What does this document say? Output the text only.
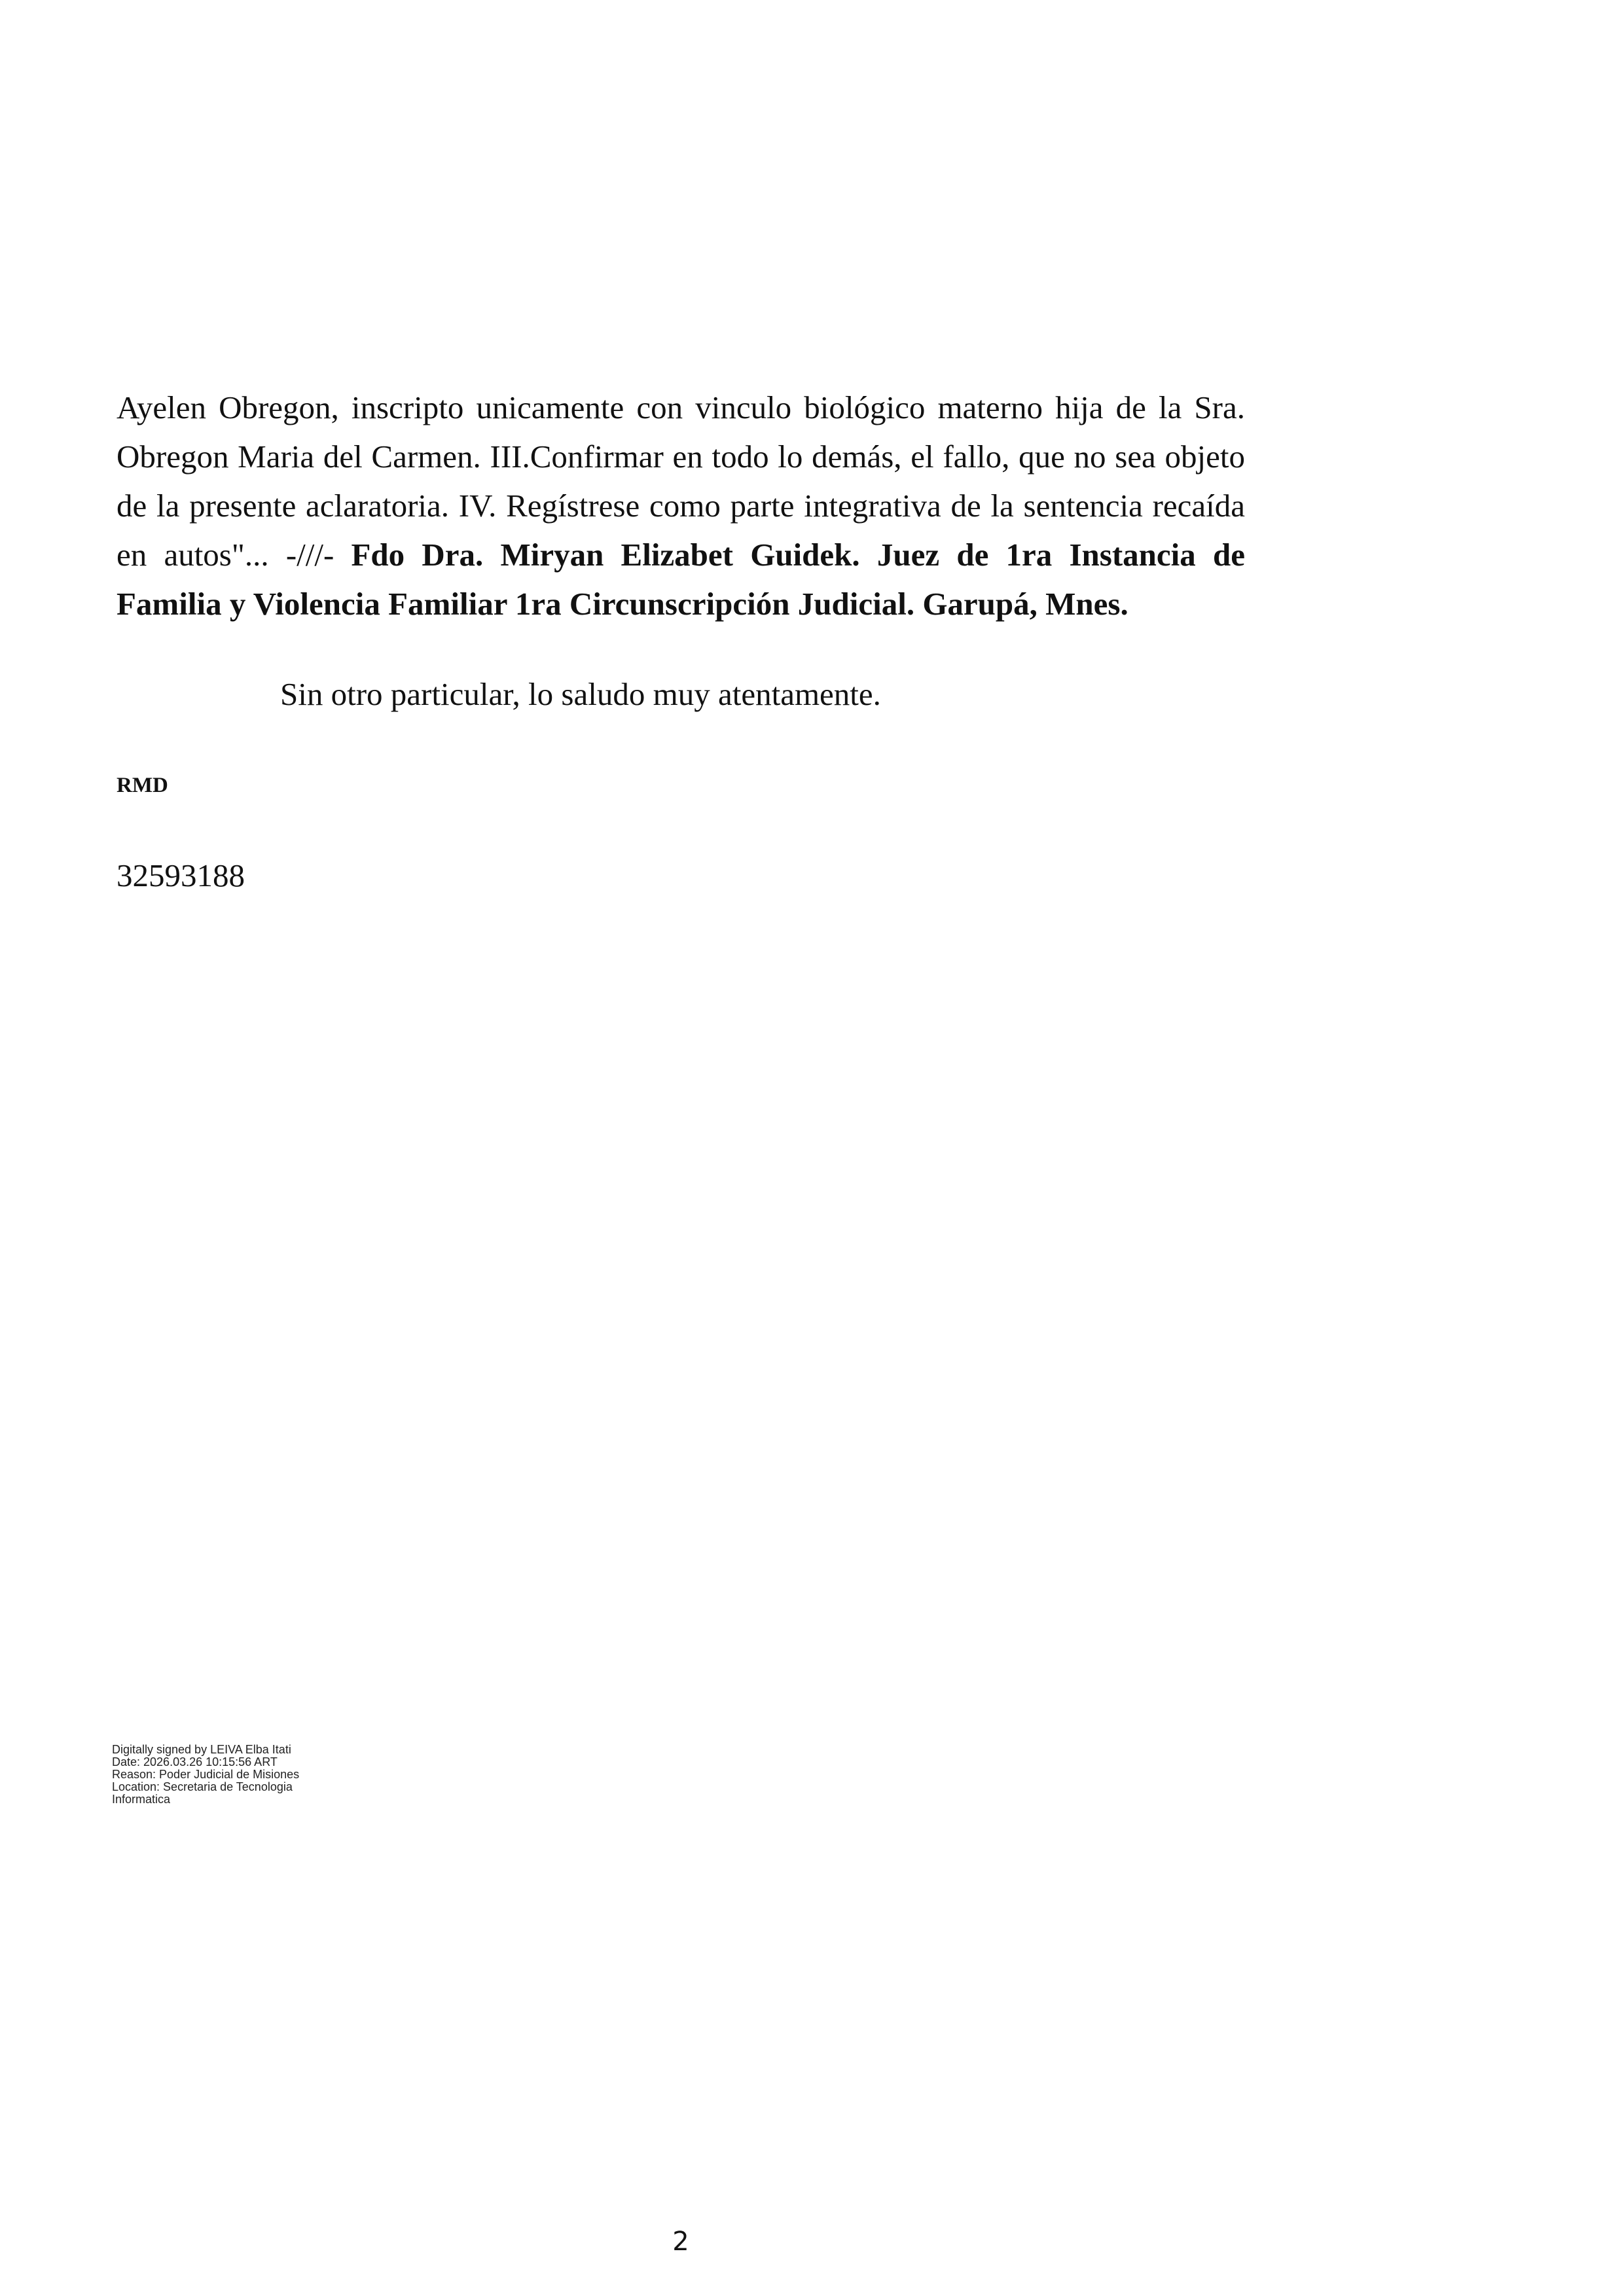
Ayelen Obregon, inscripto unicamente con vinculo biológico materno hija de la Sra. Obregon Maria del Carmen. III.Confirmar en todo lo demás, el fallo, que no sea objeto de la presente aclaratoria. IV. Regístrese como parte integrativa de la sentencia recaída en autos"... -///- Fdo Dra. Miryan Elizabet Guidek. Juez de 1ra Instancia de Familia y Violencia Familiar 1ra Circunscripción Judicial. Garupá, Mnes.

Sin otro particular, lo saludo muy atentamente.

RMD

32593188

Digitally signed by LEIVA Elba Itati
Date: 2026.03.26 10:15:56 ART
Reason: Poder Judicial de Misiones
Location: Secretaria de Tecnologia
Informatica

2
